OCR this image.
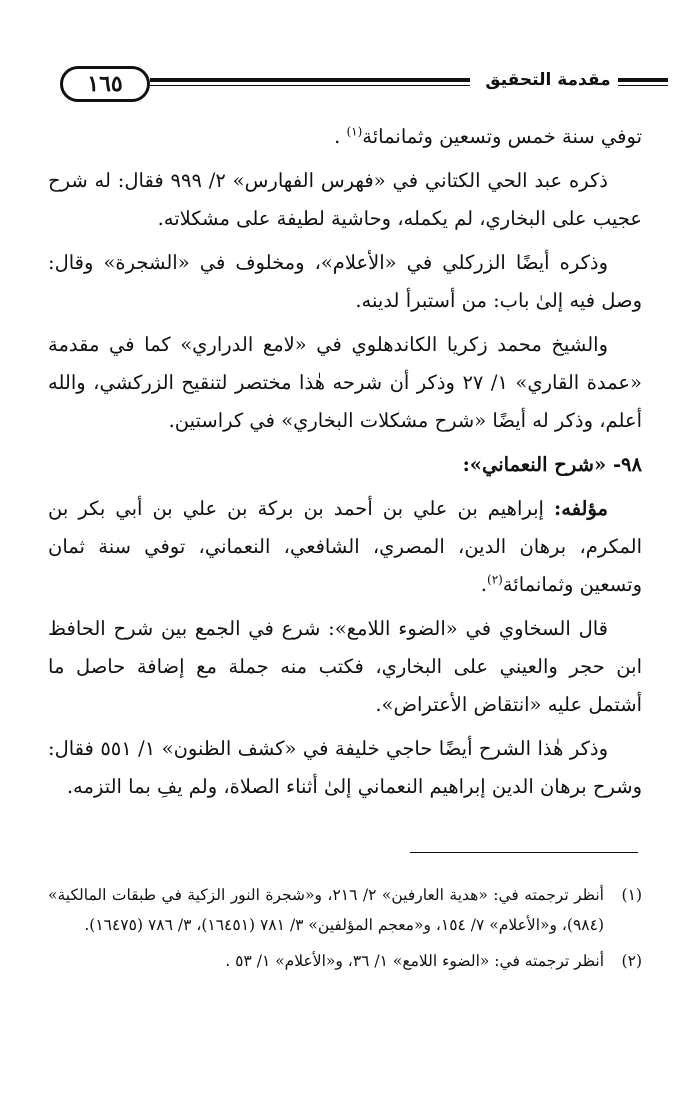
١٦٥	مقدمة التحقيق

توفي سنة خمس وتسعين وثمانمائة$^{(١)}$ .

ذكره عبد الحي الكتاني في «فهرس الفهارس» ٢/ ٩٩٩ فقال: له شرح عجيب على البخاري، لم يكمله، وحاشية لطيفة على مشكلاته.

وذكره أيضًا الزركلي في «الأعلام»، ومخلوف في «الشجرة» وقال: وصل فيه إلىٰ باب: من أستبرأ لدينه.

والشيخ محمد زكريا الكاندهلوي في «لامع الدراري» كما في مقدمة «عمدة القاري» ١/ ٢٧ وذكر أن شرحه هٰذا مختصر لتنقيح الزركشي، والله أعلم، وذكر له أيضًا «شرح مشكلات البخاري» في كراستين.

٩٨- «شرح النعماني»:

مؤلفه: إبراهيم بن علي بن أحمد بن بركة بن علي بن أبي بكر بن المكرم، برهان الدين، المصري، الشافعي، النعماني، توفي سنة ثمان وتسعين وثمانمائة$^{(٢)}$.

قال السخاوي في «الضوء اللامع»: شرع في الجمع بين شرح الحافظ ابن حجر والعيني على البخاري، فكتب منه جملة مع إضافة حاصل ما أشتمل عليه «انتقاض الأعتراض».

وذكر هٰذا الشرح أيضًا حاجي خليفة في «كشف الظنون» ١/ ٥٥١ فقال: وشرح برهان الدين إبراهيم النعماني إلىٰ أثناء الصلاة، ولم يفِ بما التزمه.

(١)أنظر ترجمته في: «هدية العارفين» ٢/ ٢١٦، و«شجرة النور الزكية في طبقات المالكية» (٩٨٤)، و«الأعلام» ٧/ ١٥٤، و«معجم المؤلفين» ٣/ ٧٨١ (١٦٤٥١)، ٣/ ٧٨٦ (١٦٤٧٥).

(٢)أنظر ترجمته في: «الضوء اللامع» ١/ ٣٦، و«الأعلام» ١/ ٥٣ .
